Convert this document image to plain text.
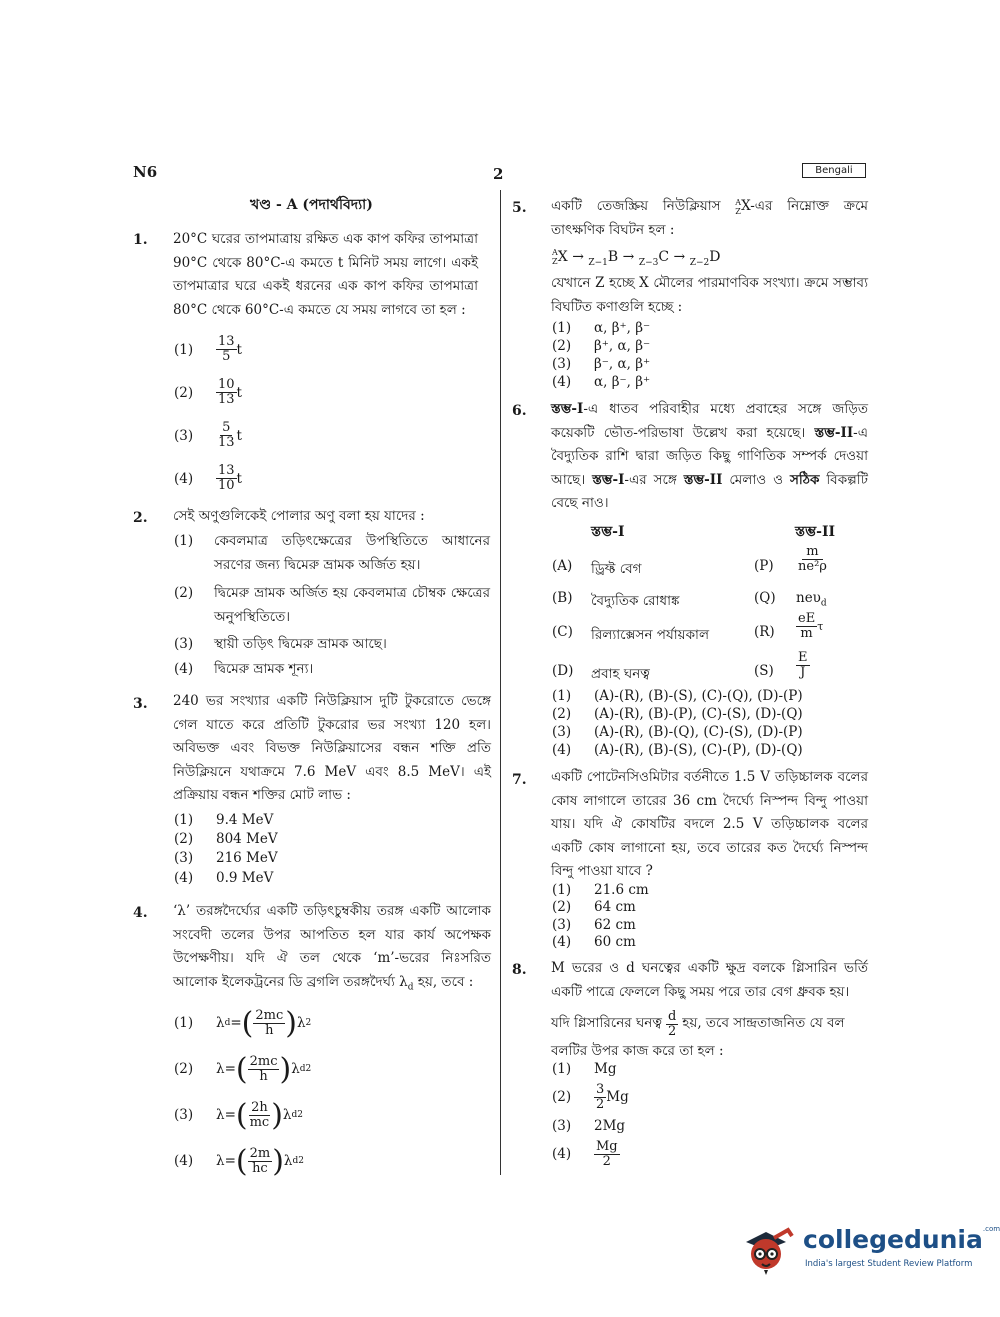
N6	2	Bengali
খণ্ড - A (পদার্থবিদ্যা)
1. 20°C ঘরের তাপমাত্রায় রক্ষিত এক কাপ কফির তাপমাত্রা 90°C থেকে 80°C-এ কমতে t মিনিট সময় লাগে। একই তাপমাত্রার ঘরে একই ধরনের এক কাপ কফির তাপমাত্রা 80°C থেকে 60°C-এ কমতে যে সময় লাগবে তা হল :
(1)	$\frac{13}{5}$ t
(2)	$\frac{10}{13}$ t
(3)	$\frac{5}{13}$ t
(4)	$\frac{13}{10}$ t
2. সেই অণুগুলিকেই পোলার অণু বলা হয় যাদের :
(1)	কেবলমাত্র তড়িৎক্ষেত্রের উপস্থিতিতে আধানের সরণের জন্য দ্বিমেরু ভ্রামক অর্জিত হয়।
(2)	দ্বিমেরু ভ্রামক অর্জিত হয় কেবলমাত্র চৌম্বক ক্ষেত্রের অনুপস্থিতিতে।
(3)	স্থায়ী তড়িৎ দ্বিমেরু ভ্রামক আছে।
(4)	দ্বিমেরু ভ্রামক শূন্য।
3. 240 ভর সংখ্যার একটি নিউক্লিয়াস দুটি টুকরোতে ভেঙ্গে গেল যাতে করে প্রতিটি টুকরোর ভর সংখ্যা 120 হল। অবিভক্ত এবং বিভক্ত নিউক্লিয়াসের বন্ধন শক্তি প্রতি নিউক্লিয়নে যথাক্রমে 7.6 MeV এবং 8.5 MeV। এই প্রক্রিয়ায় বন্ধন শক্তির মোট লাভ :
(1) 9.4 MeV
(2) 804 MeV
(3) 216 MeV
(4) 0.9 MeV
4. ‘λ’ তরঙ্গদৈর্ঘ্যের একটি তড়িৎচুম্বকীয় তরঙ্গ একটি আলোক সংবেদী তলের উপর আপতিত হল যার কার্য অপেক্ষক উপেক্ষণীয়। যদি ঐ তল থেকে ‘m’-ভরের নিঃসরিত আলোক ইলেকট্রনের ডি ব্রগলি তরঙ্গদৈর্ঘ্য $\lambda_d$ হয়, তবে :
(1)	λ d = ( $\frac{2mc}{h}$ ) λ 2
(2)	λ = ( $\frac{2mc}{h}$ ) λ d 2
(3)	λ = ( $\frac{2h}{mc}$ ) λ d 2
(4)	λ = ( $\frac{2m}{hc}$ ) λ d 2
5. একটি তেজস্ক্রিয় নিউক্লিয়াস A
Z X-এর নিম্নোক্ত ক্রমে তাৎক্ষণিক বিঘটন হল :
A
Z X → $_{Z-1}$B → $_{Z-3}$C → $_{Z-2}$D
যেখানে Z হচ্ছে X মৌলের পারমাণবিক সংখ্যা। ক্রমে সম্ভাব্য বিঘটিত কণাগুলি হচ্ছে :
(1) α, β⁺, β⁻
(2) β⁺, α, β⁻
(3) β⁻, α, β⁺
(4) α, β⁻, β⁺
6. স্তম্ভ-I-এ ধাতব পরিবাহীর মধ্যে প্রবাহের সঙ্গে জড়িত কয়েকটি ভৌত-পরিভাষা উল্লেখ করা হয়েছে। স্তম্ভ-II-এ বৈদ্যুতিক রাশি দ্বারা জড়িত কিছু গাণিতিক সম্পর্ক দেওয়া আছে। স্তম্ভ-I-এর সঙ্গে স্তম্ভ-II মেলাও ও সঠিক বিকল্পটি বেছে নাও।
স্তম্ভ-I	স্তম্ভ-II
(A) ড্রিফ্ট বেগ	$(P) \frac{m}{\text{ne²ρ}}$
(B) বৈদ্যুতিক রোধাঙ্ক	(Q) neυ$_d$
(C) রিল্যাক্সেসন পর্যায়কাল	$(R) \frac{eE}{m}$ τ
(D) প্রবাহ ঘনত্ব	$(S) \frac{E}{J}$
(1) (A)-(R), (B)-(S), (C)-(Q), (D)-(P)
(2) (A)-(R), (B)-(P), (C)-(S), (D)-(Q)
(3) (A)-(R), (B)-(Q), (C)-(S), (D)-(P)
(4) (A)-(R), (B)-(S), (C)-(P), (D)-(Q)
7. একটি পোটেনসিওমিটার বর্তনীতে 1.5 V তড়িচ্চালক বলের কোষ লাগালে তারের 36 cm দৈর্ঘ্যে নিস্পন্দ বিন্দু পাওয়া যায়। যদি ঐ কোষটির বদলে 2.5 V তড়িচ্চালক বলের একটি কোষ লাগানো হয়, তবে তারের কত দৈর্ঘ্যে নিস্পন্দ বিন্দু পাওয়া যাবে ?
(1) 21.6 cm
(2) 64 cm
(3) 62 cm
(4) 60 cm
8. M ভরের ও d ঘনত্বের একটি ক্ষুদ্র বলকে গ্লিসারিন ভর্তি একটি পাত্রে ফেললে কিছু সময় পরে তার বেগ ধ্রুবক হয়।
যদি গ্লিসারিনের ঘনত্ব $\frac{d}{2}$ হয়, তবে সান্দ্রতাজনিত যে বল
বলটির উপর কাজ করে তা হল :
(1) Mg
(2)	$\frac{3}{2}$ Mg
(3) 2Mg
(4)	$\frac{Mg}{2}$
collegedunia$^{.com}$
India's largest Student Review Platform
